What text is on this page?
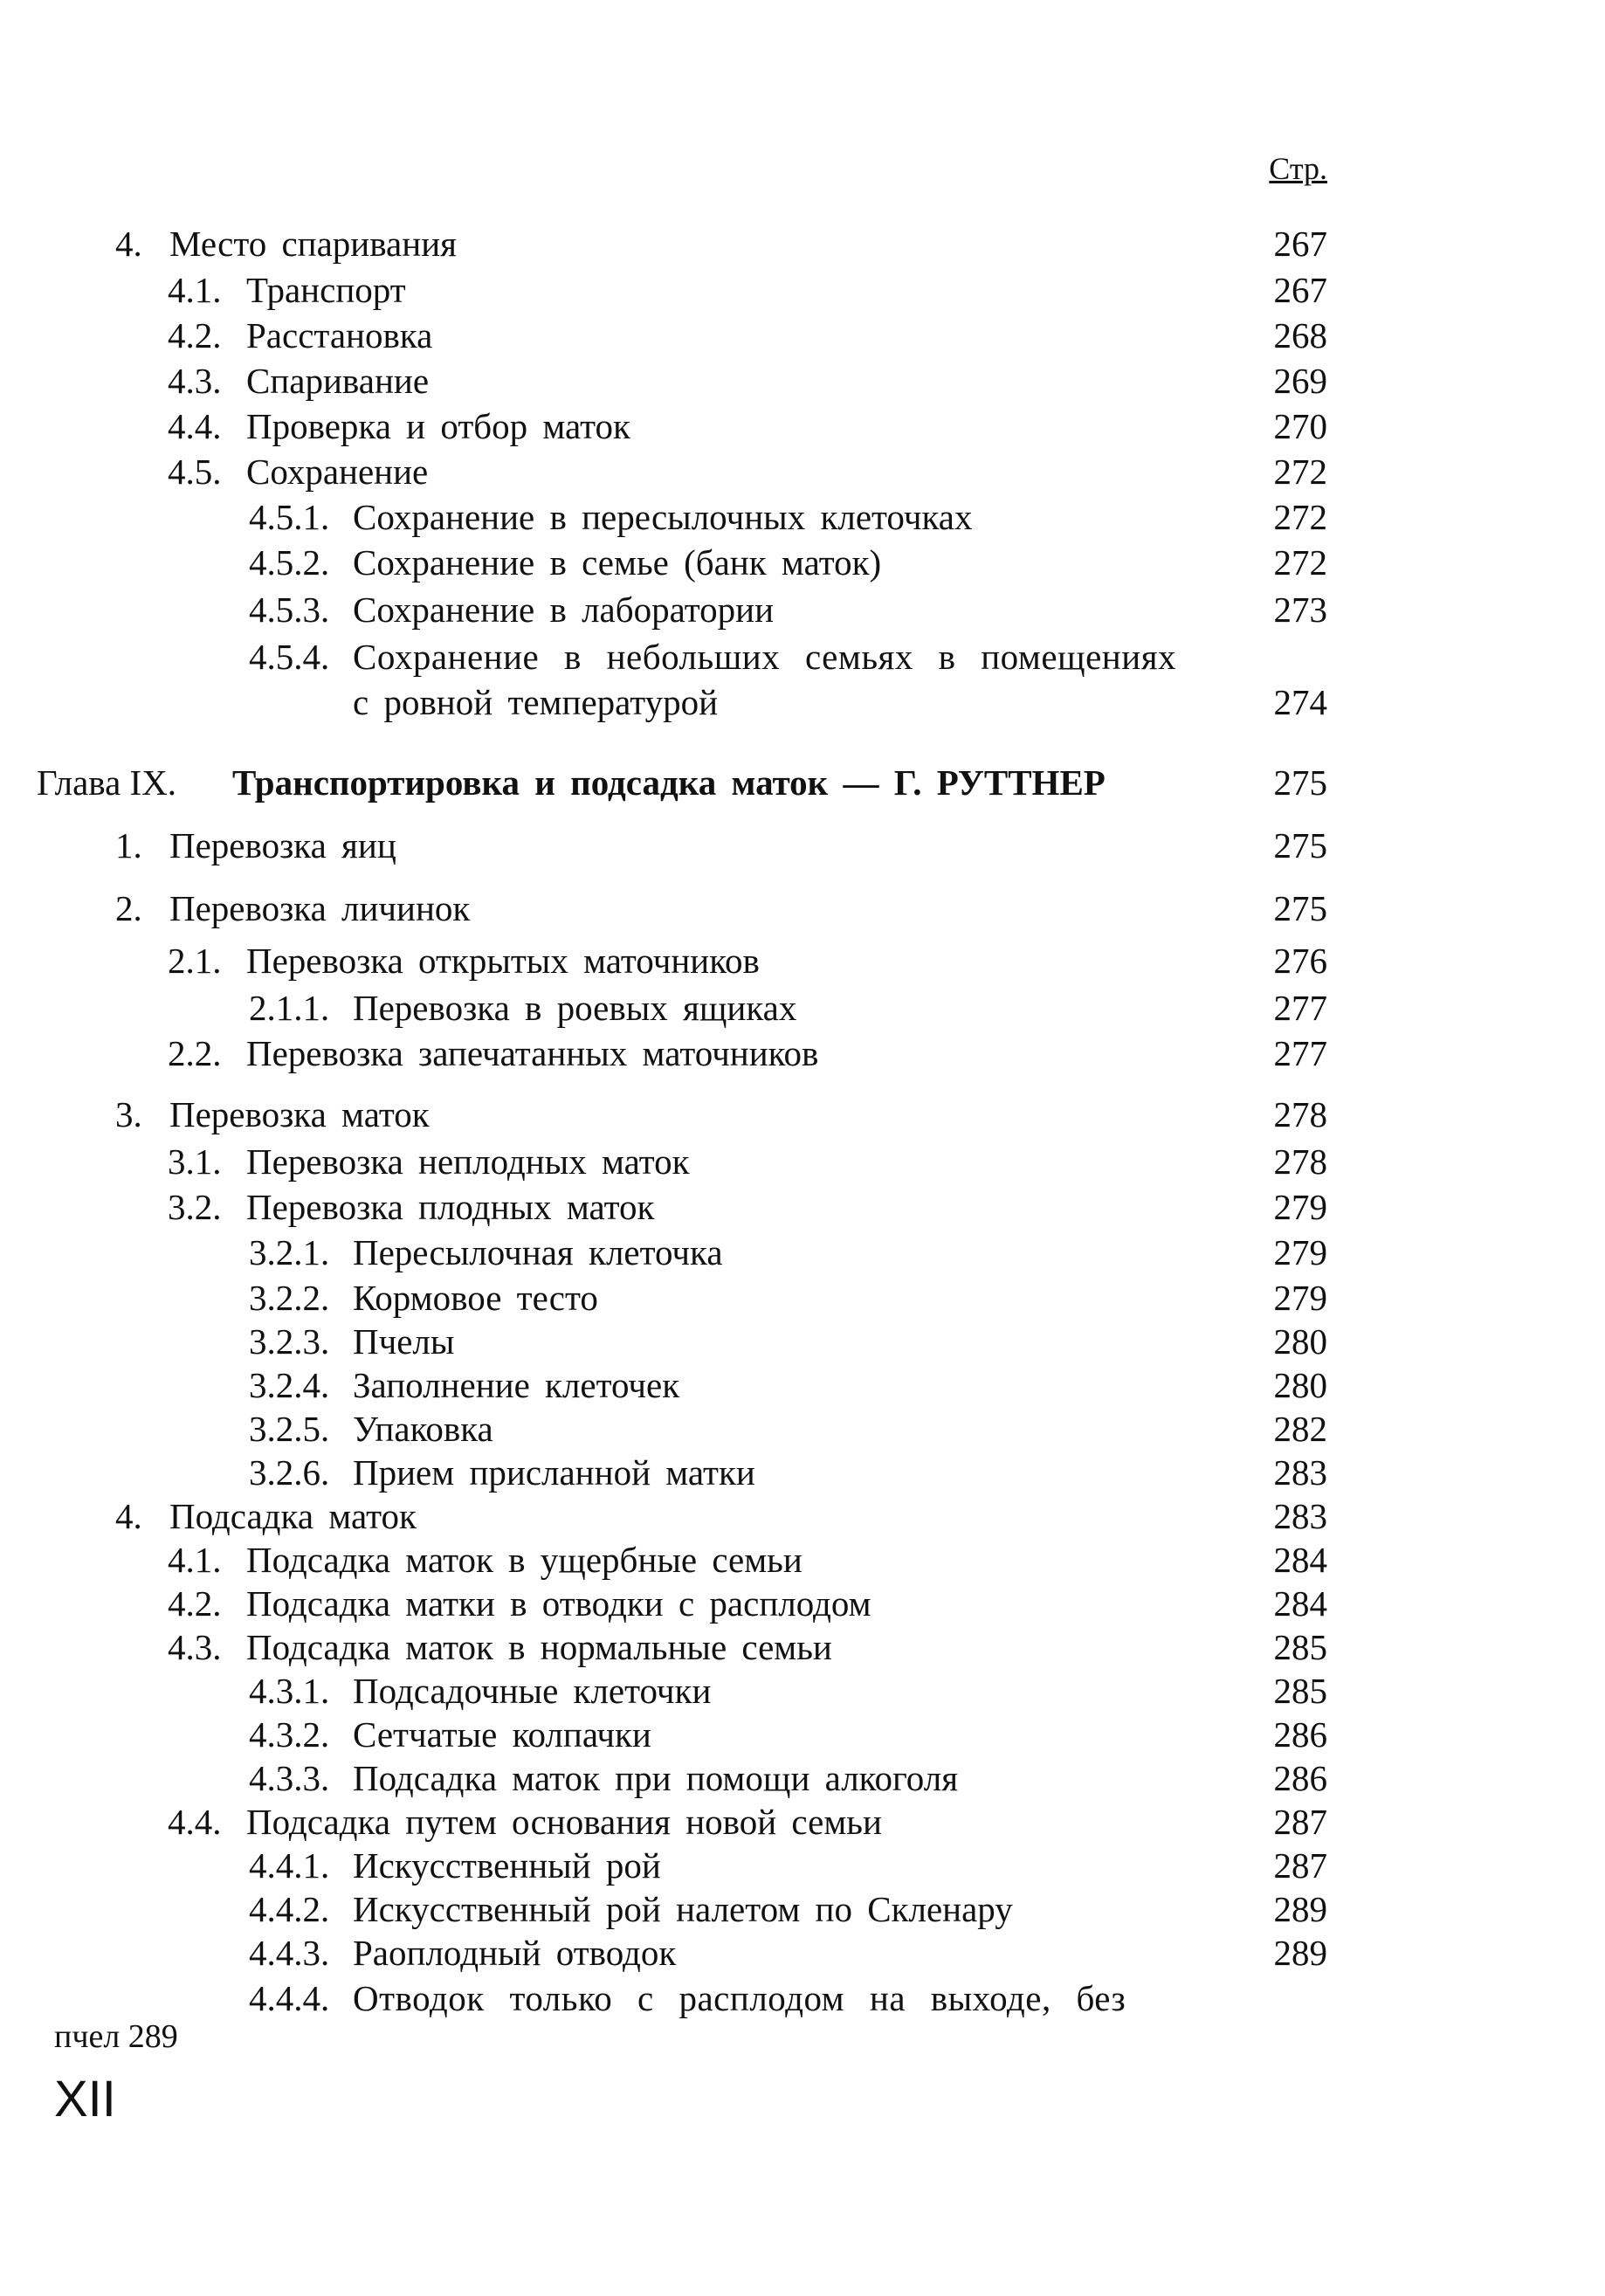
Стр.
4. Место спаривания	267
4.1. Транспорт	267
4.2. Расстановка	268
4.3. Спаривание	269
4.4. Проверка и отбор маток	270
4.5. Сохранение	272
4.5.1. Сохранение в пересылочных клеточках	272
4.5.2. Сохранение в семье (банк маток)	272
4.5.3. Сохранение в лаборатории	273
4.5.4. Сохранение в небольших семьях в помещениях
с ровной температурой	274
Глава IX. Транспортировка и подсадка маток — Г. РУТТНЕР	275
1. Перевозка яиц	275
2. Перевозка личинок	275
2.1. Перевозка открытых маточников	276
2.1.1. Перевозка в роевых ящиках	277
2.2. Перевозка запечатанных маточников	277
3. Перевозка маток	278
3.1. Перевозка неплодных маток	278
3.2. Перевозка плодных маток	279
3.2.1. Пересылочная клеточка	279
3.2.2. Кормовое тесто	279
3.2.3. Пчелы	280
3.2.4. Заполнение клеточек	280
3.2.5. Упаковка	282
3.2.6. Прием присланной матки	283
4. Подсадка маток	283
4.1. Подсадка маток в ущербные семьи	284
4.2. Подсадка матки в отводки с расплодом	284
4.3. Подсадка маток в нормальные семьи	285
4.3.1. Подсадочные клеточки	285
4.3.2. Сетчатые колпачки	286
4.3.3. Подсадка маток при помощи алкоголя	286
4.4. Подсадка путем основания новой семьи	287
4.4.1. Искусственный рой	287
4.4.2. Искусственный рой налетом по Скленару	289
4.4.3. Раоплодный отводок	289
4.4.4. Отводок только с расплодом на выходе, без
пчел 289
XII
